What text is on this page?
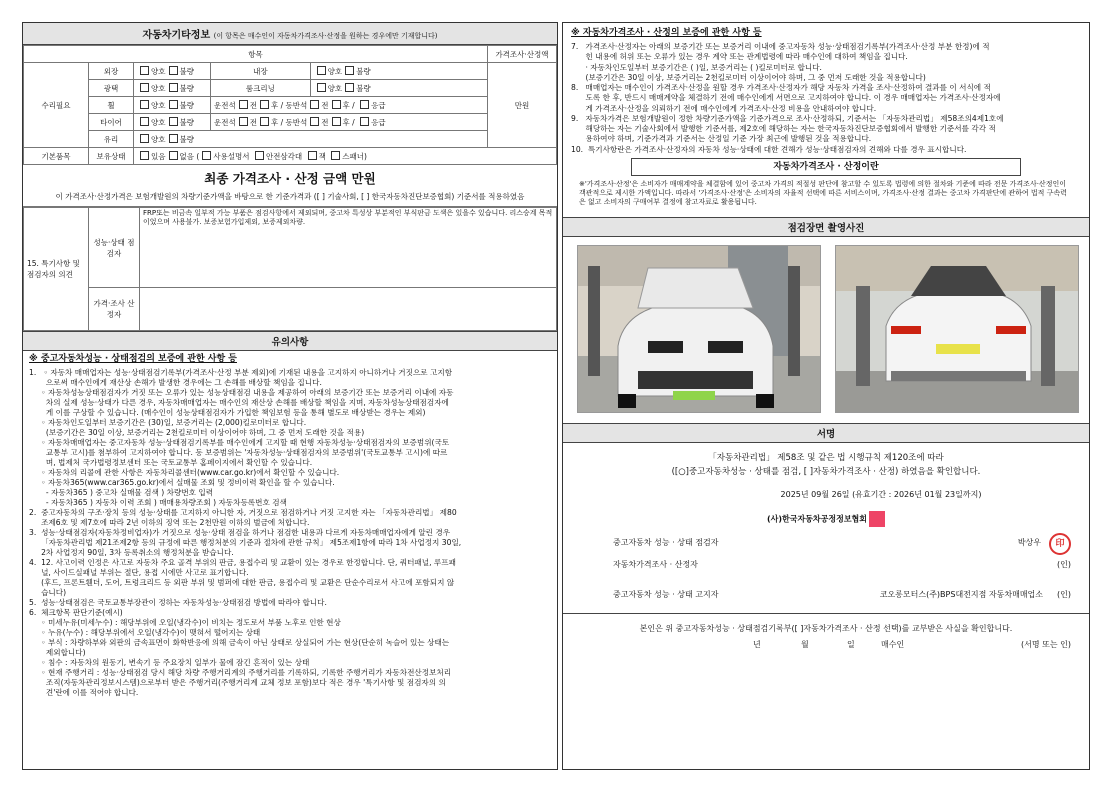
자동차기타정보 (이 항목은 매수인이 자동차가격조사·산정을 원하는 경우에만 기재합니다)
항목					가격조사·산정액
수리필요	외장	양호 불량	내장	양호 불량	만원
	광택	양호 불량	룸크리닝	양호 불량	
	휠	양호 불량	운전석 전 후 / 동반석 전 후 / 응급		
	타이어	양호 불량	운전석 전 후 / 동반석 전 후 / 응급		
	유리	양호 불량			
기본품목	보유상태	있음 없음 ( 사용설명서 안전삼각대 잭 스패너)			
최종 가격조사 · 산정 금액 만원
이 가격조사·산정가격은 보험개발원의 차량기준가액을 바탕으로 한 기준가격과 ([ ] 기술사회, [ ] 한국자동차진단보증협회) 기준서를 적용하였음
15. 특기사항 및 점검자의 의견	성능·상태 점검자	FRP또는 비금속 일부적 가능 부품은 점검사항에서 제외되며, 중고차 특성상 부분적인 부식판금 도색은 있을수 있습니다. 리스승계 목적이었으며 사용불가. 보증보험가입제외, 보증제외차량.
	가격·조사 산정자	
유의사항
※ 중고자동차성능 · 상태점검의 보증에 관한 사항 등
1.   ◦ 자동차 매매업자는 성능·상태점검기록부(가격조사·산정 부분 제외)에 기재된 내용을 고지하지 아니하거나 거짓으로 고지함
으로써 매수인에게 재산상 손해가 발생한 경우에는 그 손해를 배상할 책임을 집니다.
◦ 자동차성능상태점검자가 거짓 또는 오류가 있는 성능상태점검 내용을 제공하여 아래의 보증기간 또는 보증거리 이내에 자동
차의 실제 성능·상태가 다른 경우, 자동차매매업자는 매수인의 재산상 손해를 배상할 책임을 지며, 자동차성능상태점검자에
게 이를 구상할 수 있습니다. (매수인이 성능상태점검자가 가입한 책임보험 등을 통해 별도로 배상받는 경우는 제외)
◦ 자동차인도일부터 보증기간은 (30)일, 보증거리는 (2,000)킬로미터로 합니다.
(보증기간은 30일 이상, 보증거리는 2천킬로미터 이상이어야 하며, 그 중 먼저 도래한 것을 적용)
◦ 자동차매매업자는 중고자동차 성능·상태점검기록부를 매수인에게 고지할 때 현행 자동차성능·상태점검자의 보증범위(국토
교통부 고시)를 첨부하여 고지하여야 합니다. 동 보증범위는 '자동차성능·상태점검자의 보증범위'(국토교통부 고시)에 따르
며, 법제처 국가법령정보센터 또는 국토교통부 홈페이지에서 확인할 수 있습니다.
◦ 자동차의 리콜에 관한 사항은 자동차리콜센터(www.car.go.kr)에서 확인할 수 있습니다.
◦ 자동차365(www.car365.go.kr)에서 실매물 조회 및 정비이력 확인을 할 수 있습니다.
- 자동차365 ) 중고차 실매물 검색 ) 차량번호 입력
- 자동차365 ) 자동차 이력 조회 ) 매매용차량조회 ) 자동차등록번호 검색
2.  중고자동차의 구조·장치 등의 성능·상태를 고지하지 아니한 자, 거짓으로 점검하거나 거짓 고지한 자는 「자동차관리법」 제80
조제6호 및 제7호에 따라 2년 이하의 징역 또는 2천만원 이하의 벌금에 처합니다.
3.  성능·상태점검자(자동차정비업자)가 거짓으로 성능·상태 점검을 하거나 점검한 내용과 다르게 자동차매매업자에게 알린 경우
「자동차관리법 제21조제2항 등의 규정에 따른 행정처분의 기준과 절차에 관한 규칙」 제5조제1항에 따라 1차 사업정지 30일,
2차 사업정지 90일, 3차 등록취소의 행정처분을 받습니다.
4.  12. 사고이력 인정은 사고로 자동차 주요 골격 부위의 판금, 용접수리 및 교환이 있는 경우로 한정합니다. 단, 쿼터패널, 루프패
널, 사이드실패널 부위는 절단, 용접 시에만 사고로 표기합니다.
(후드, 프론트휀더, 도어, 트렁크리드 등 외판 부위 및 범퍼에 대한 판금, 용접수리 및 교환은 단순수리로서 사고에 포함되지 않
습니다)
5.  성능·상태점검은 국토교통부장관이 정하는 자동차성능·상태점검 방법에 따라야 합니다.
6.  체크항목 판단기준(예시)
◦ 미세누유(미세누수) : 해당부위에 오일(냉각수)이 비치는 정도로서 부품 노후로 인한 현상
◦ 누유(누수) : 해당부위에서 오일(냉각수)이 맺혀서 떨어지는 상태
◦ 부식 : 차량하부와 외판의 금속표면이 화학반응에 의해 금속이 아닌 상태로 상실되어 가는 현상(단순히 녹슬어 있는 상태는
제외합니다)
◦ 침수 : 자동차의 원동기, 변속기 등 주요장치 일부가 물에 잠긴 흔적이 있는 상태
◦ 현재 주행거리 : 성능·상태점검 당시 해당 차량 주행거리계의 주행거리를 기록하되, 기록한 주행거리가 자동차전산정보처리
조직(자동차관리정보시스템)으로부터 받은 주행거리(주행거리계 교체 정보 포함)보다 적은 경우 '특기사항 및 점검자의 의
견'란에 이를 적어야 합니다.
※ 자동차가격조사 · 산정의 보증에 관한 사항 등
7.   가격조사·산정자는 아래의 보증기간 또는 보증거리 이내에 중고자동차 성능·상태점검기록부(가격조사·산정 부분 한정)에 적
힌 내용에 허위 또는 오류가 있는 경우 계약 또는 관계법령에 따라 매수인에 대하여 책임을 집니다.
· 자동차인도일부터 보증기간은 ( )일, 보증거리는 ( )킬로미터로 합니다.
(보증기간은 30일 이상, 보증거리는 2천킬로미터 이상이어야 하며, 그 중 먼저 도래한 것을 적용합니다)
8.   매매업자는 매수인이 가격조사·산정을 원할 경우 가격조사·산정자가 해당 자동차 가격을 조사·산정하여 결과를 이 서식에 적
도록 한 후, 반드시 매매계약을 체결하기 전에 매수인에게 서면으로 고지하여야 합니다. 이 경우 매매업자는 가격조사·산정자에
게 가격조사·산정을 의뢰하기 전에 매수인에게 가격조사·산정 비용을 안내하여야 합니다.
9.   자동차가격은 보험개발원이 정한 차량기준가액을 기준가격으로 조사·산정하되, 기준서는 「자동차관리법」 제58조의4제1호에
해당하는 자는 기술사회에서 발행한 기준서를, 제2호에 해당하는 자는 한국자동차진단보증협회에서 발행한 기준서를 각각 적
용하여야 하며, 기준가격과 기준서는 산정일 기준 가장 최근에 발행된 것을 적용합니다.
10.  특기사항란은 가격조사·산정자의 자동차 성능·상태에 대한 견해가 성능·상태점검자의 견해와 다를 경우 표시합니다.
자동차가격조사 · 산정이란
※'가격조사·산정'은 소비자가 매매계약을 체결함에 있어 중고차 가격의 적절성 판단에 참고할 수 있도록 법령에 의한 절차와 기준에 따라 전문 가격조사·산정인이 객관적으로 제시한 가액입니다. 따라서 '가격조사·산정'은 소비자의 자율적 선택에 따른 서비스이며, 가격조사·산정 결과는 중고차 가격판단에 관하여 법적 구속력은 없고 소비자의 구매여부 결정에 참고자료로 활용됩니다.
점검장면 촬영사진
서명
「자동차관리법」 제58조 및 같은 법 시행규칙 제120조에 따라
([○]중고자동차성능 · 상태를 점검, [ ]자동차가격조사 · 산정) 하였음을 확인합니다.
2025년 09월 26일 (유효기간 : 2026년 01월 23일까지)
(사)한국자동차공정정보협회
중고자동차 성능 · 상태 점검자	박상우	印
자동차가격조사 · 산정자	(인)
중고자동차 성능 · 상태 고지자	코오롱모터스(주)BPS대전지점 자동차매매업소 (인)
본인은 위 중고자동차성능 · 상태점검기록부([ ]자동차가격조사 · 산정 선택)를 교부받은 사실을 확인합니다.
년	월	일	매수인	(서명 또는 인)
